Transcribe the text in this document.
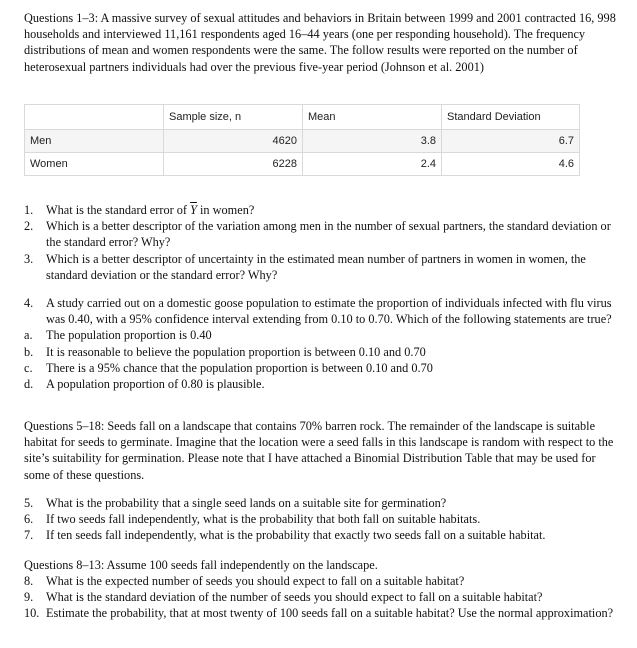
Questions 1–3: A massive survey of sexual attitudes and behaviors in Britain between 1999 and 2001 contracted 16, 998 households and interviewed 11,161 respondents aged 16–44 years (one per responding household). The frequency distributions of mean and women respondents were the same. The follow results were reported on the number of heterosexual partners individuals had over the previous five-year period (Johnson et al. 2001)

	Sample size, n	Mean	Standard Deviation
Men	4620	3.8	6.7
Women	6228	2.4	4.6
1.	What is the standard error of $\overline{Y}$ in women?
2.	Which is a better descriptor of the variation among men in the number of sexual partners, the standard deviation or the standard error? Why?
3.	Which is a better descriptor of uncertainty in the estimated mean number of partners in women in women, the standard deviation or the standard error? Why?
4.	A study carried out on a domestic goose population to estimate the proportion of individuals infected with flu virus was 0.40, with a 95% confidence interval extending from 0.10 to 0.70. Which of the following statements are true?
a.	The population proportion is 0.40
b.	It is reasonable to believe the population proportion is between 0.10 and 0.70
c.	There is a 95% chance that the population proportion is between 0.10 and 0.70
d.	A population proportion of 0.80 is plausible.

Questions 5–18: Seeds fall on a landscape that contains 70% barren rock. The remainder of the landscape is suitable habitat for seeds to germinate. Imagine that the location were a seed falls in this landscape is random with respect to the site’s suitability for germination. Please note that I have attached a Binomial Distribution Table that may be used for some of these questions.

5.	What is the probability that a single seed lands on a suitable site for germination?
6.	If two seeds fall independently, what is the probability that both fall on suitable habitats.
7.	If ten seeds fall independently, what is the probability that exactly two seeds fall on a suitable habitat.

Questions 8–13: Assume 100 seeds fall independently on the landscape.

8.	What is the expected number of seeds you should expect to fall on a suitable habitat?
9.	What is the standard deviation of the number of seeds you should expect to fall on a suitable habitat?
10. Estimate the probability, that at most twenty of 100 seeds fall on a suitable habitat? Use the normal approximation?
